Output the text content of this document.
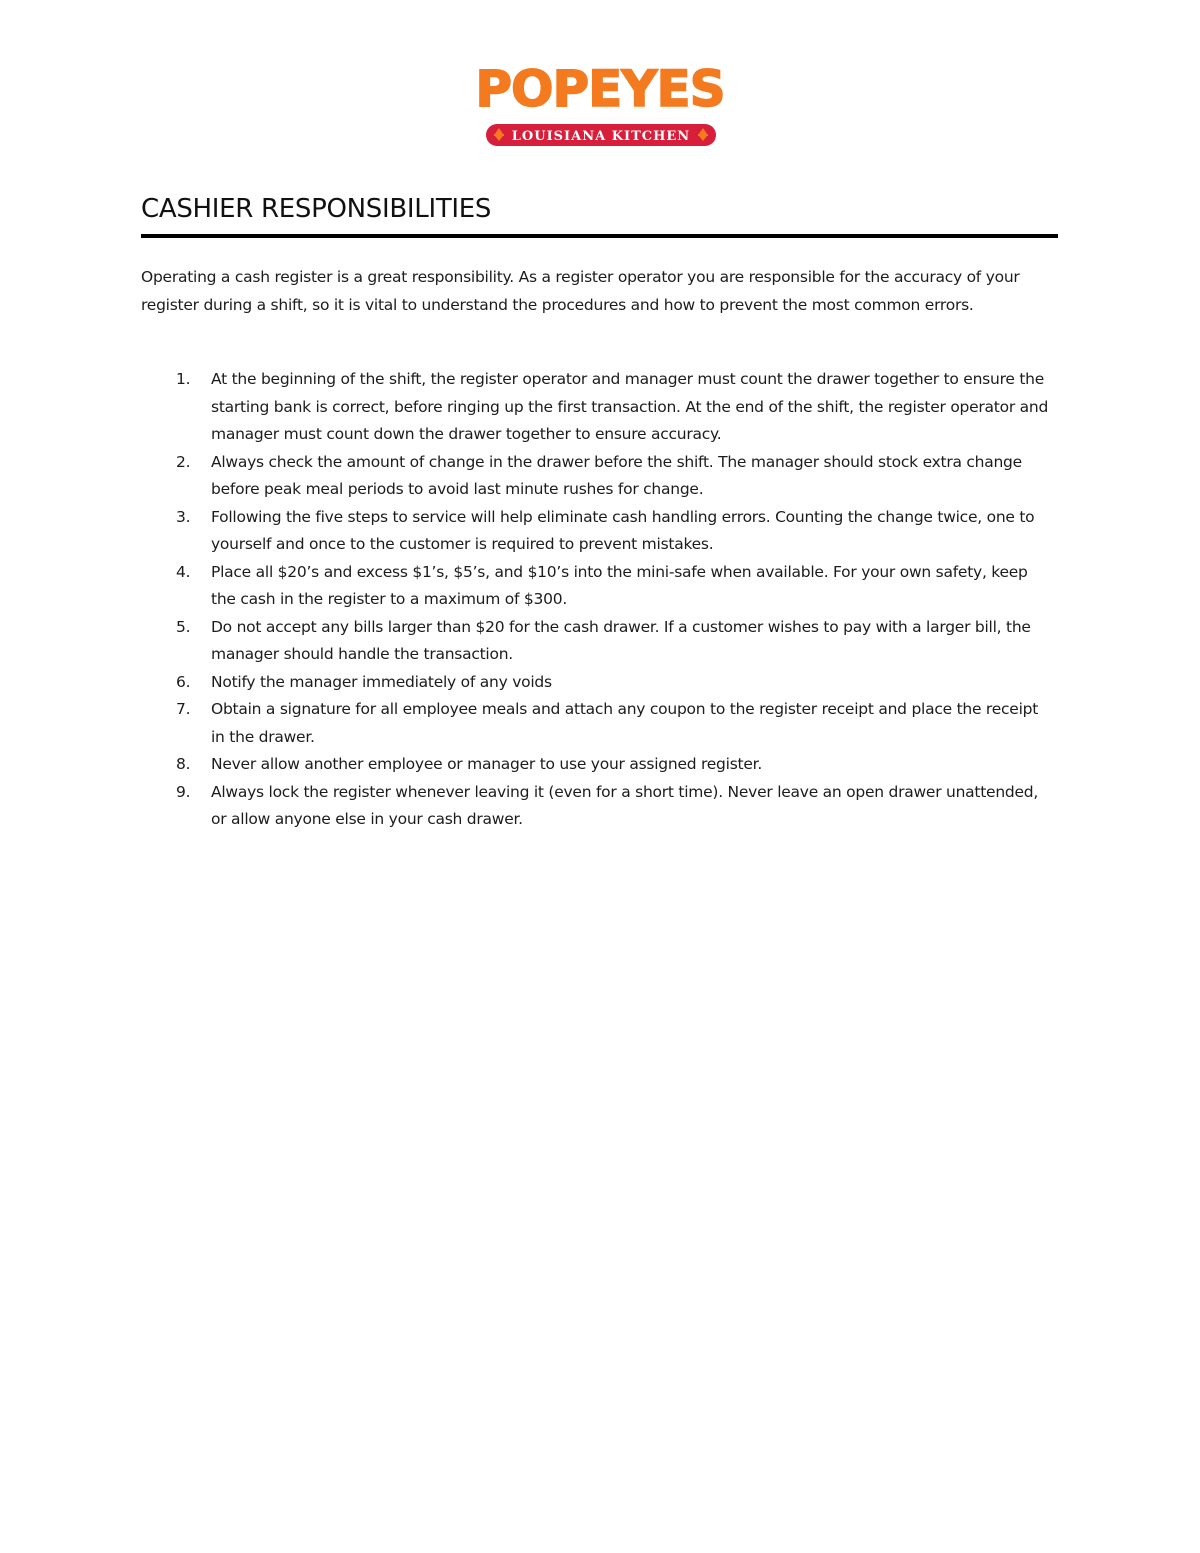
POPEYES
LOUISIANA KITCHEN
CASHIER RESPONSIBILITIES

Operating a cash register is a great responsibility. As a register operator you are responsible for the accuracy of your register during a shift, so it is vital to understand the procedures and how to prevent the most common errors.

1. At the beginning of the shift, the register operator and manager must count the drawer together to ensure the starting bank is correct, before ringing up the first transaction. At the end of the shift, the register operator and manager must count down the drawer together to ensure accuracy.
2. Always check the amount of change in the drawer before the shift. The manager should stock extra change before peak meal periods to avoid last minute rushes for change.
3. Following the five steps to service will help eliminate cash handling errors. Counting the change twice, one to yourself and once to the customer is required to prevent mistakes.
4. Place all $20’s and excess $1’s, $5’s, and $10’s into the mini-safe when available. For your own safety, keep the cash in the register to a maximum of $300.
5. Do not accept any bills larger than $20 for the cash drawer. If a customer wishes to pay with a larger bill, the manager should handle the transaction.
6. Notify the manager immediately of any voids
7. Obtain a signature for all employee meals and attach any coupon to the register receipt and place the receipt in the drawer.
8. Never allow another employee or manager to use your assigned register.
9. Always lock the register whenever leaving it (even for a short time). Never leave an open drawer unattended, or allow anyone else in your cash drawer.
